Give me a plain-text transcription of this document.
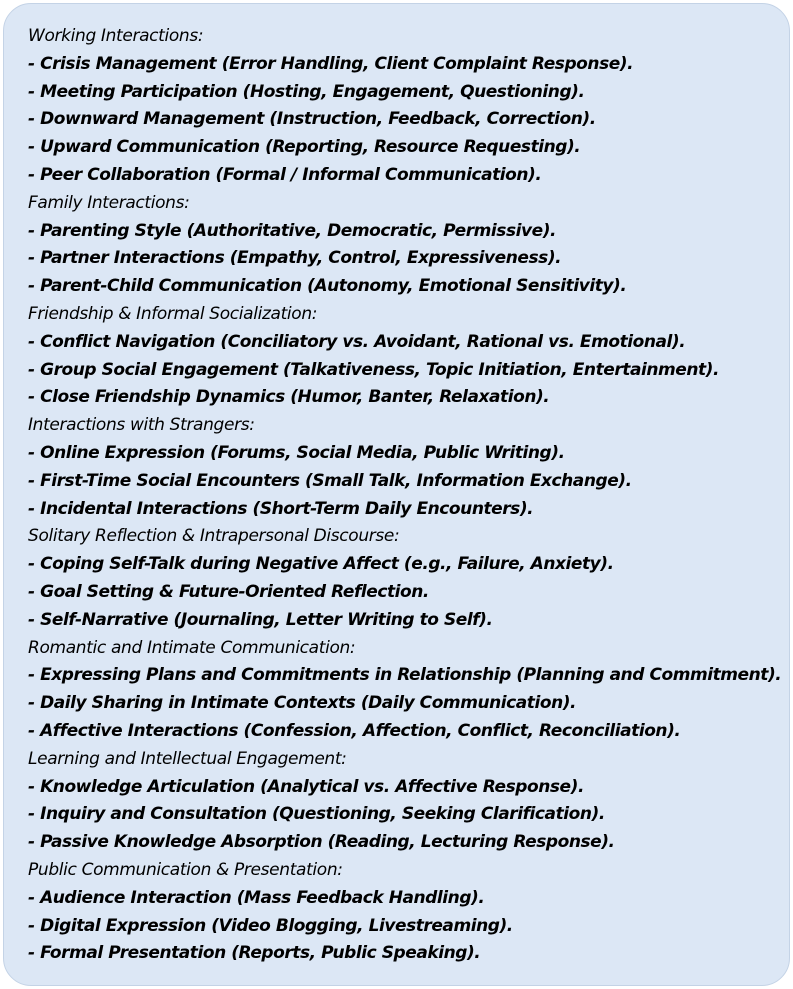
Working Interactions:
- Crisis Management (Error Handling, Client Complaint Response).
- Meeting Participation (Hosting, Engagement, Questioning).
- Downward Management (Instruction, Feedback, Correction).
- Upward Communication (Reporting, Resource Requesting).
- Peer Collaboration (Formal / Informal Communication).
Family Interactions:
- Parenting Style (Authoritative, Democratic, Permissive).
- Partner Interactions (Empathy, Control, Expressiveness).
- Parent-Child Communication (Autonomy, Emotional Sensitivity).
Friendship & Informal Socialization:
- Conflict Navigation (Conciliatory vs. Avoidant, Rational vs. Emotional).
- Group Social Engagement (Talkativeness, Topic Initiation, Entertainment).
- Close Friendship Dynamics (Humor, Banter, Relaxation).
Interactions with Strangers:
- Online Expression (Forums, Social Media, Public Writing).
- First-Time Social Encounters (Small Talk, Information Exchange).
- Incidental Interactions (Short-Term Daily Encounters).
Solitary Reflection & Intrapersonal Discourse:
- Coping Self-Talk during Negative Affect (e.g., Failure, Anxiety).
- Goal Setting & Future-Oriented Reflection.
- Self-Narrative (Journaling, Letter Writing to Self).
Romantic and Intimate Communication:
- Expressing Plans and Commitments in Relationship (Planning and Commitment).
- Daily Sharing in Intimate Contexts (Daily Communication).
- Affective Interactions (Confession, Affection, Conflict, Reconciliation).
Learning and Intellectual Engagement:
- Knowledge Articulation (Analytical vs. Affective Response).
- Inquiry and Consultation (Questioning, Seeking Clarification).
- Passive Knowledge Absorption (Reading, Lecturing Response).
Public Communication & Presentation:
- Audience Interaction (Mass Feedback Handling).
- Digital Expression (Video Blogging, Livestreaming).
- Formal Presentation (Reports, Public Speaking).
